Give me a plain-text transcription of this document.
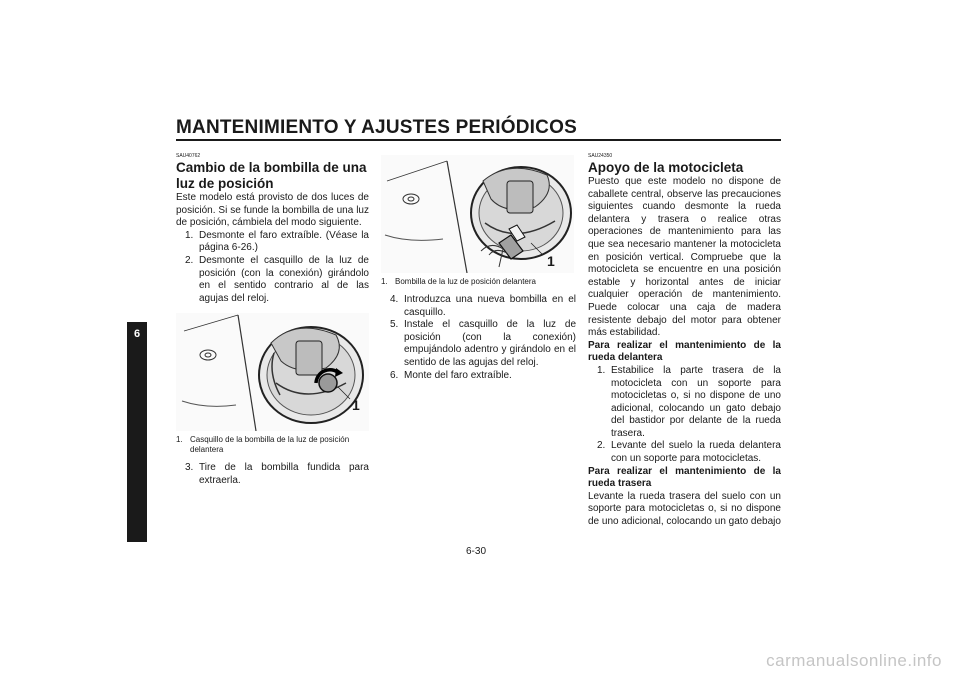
MANTENIMIENTO Y AJUSTES PERIÓDICOS
6

SAU40762

Cambio de la bombilla de una luz de posición

Este modelo está provisto de dos luces de posición. Si se funde la bombilla de una luz de posición, cámbiela del modo siguiente.

1. Desmonte el faro extraíble. (Véase la página 6-26.)
2. Desmonte el casquillo de la luz de posición (con la conexión) girándolo en el sentido contrario al de las agujas del reloj.
1
1. Casquillo de la bombilla de la luz de posición delantera
3. Tire de la bombilla fundida para extraerla.
1
1. Bombilla de la luz de posición delantera
4. Introduzca una nueva bombilla en el casquillo.
5. Instale el casquillo de la luz de posición (con la conexión) empujándolo adentro y girándolo en el sentido de las agujas del reloj.
6. Monte del faro extraíble.

SAU24350

Apoyo de la motocicleta

Puesto que este modelo no dispone de caballete central, observe las precauciones siguientes cuando desmonte la rueda delantera y trasera o realice otras operaciones de mantenimiento para las que sea necesario mantener la motocicleta en posición vertical. Compruebe que la motocicleta se encuentre en una posición estable y horizontal antes de iniciar cualquier operación de mantenimiento. Puede colocar una caja de madera resistente debajo del motor para obtener más estabilidad.

Para realizar el mantenimiento de la rueda delantera

1. Estabilice la parte trasera de la motocicleta con un soporte para motocicletas o, si no dispone de uno adicional, colocando un gato debajo del bastidor por delante de la rueda trasera.
2. Levante del suelo la rueda delantera con un soporte para motocicletas.

Para realizar el mantenimiento de la rueda trasera

Levante la rueda trasera del suelo con un soporte para motocicletas o, si no dispone de uno adicional, colocando un gato debajo

6-30
carmanualsonline.info
